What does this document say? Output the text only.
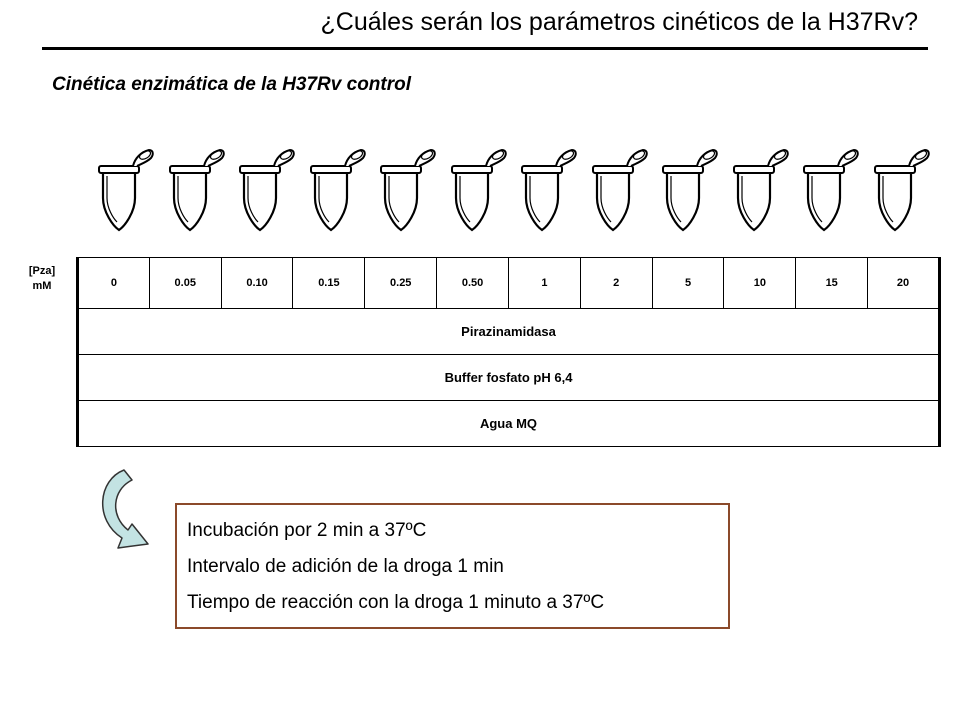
¿Cuáles serán los parámetros cinéticos de la H37Rv?
Cinética enzimática de la H37Rv control
[Pza]
mM	0	0.05	0.10	0.15	0.25	0.50	1	2	5	10	15	20
Pirazinamidasa
Buffer fosfato pH 6,4
Agua MQ
Incubación por 2 min a 37ºC
Intervalo de adición de la droga 1 min
Tiempo de reacción con la droga 1 minuto a 37ºC
